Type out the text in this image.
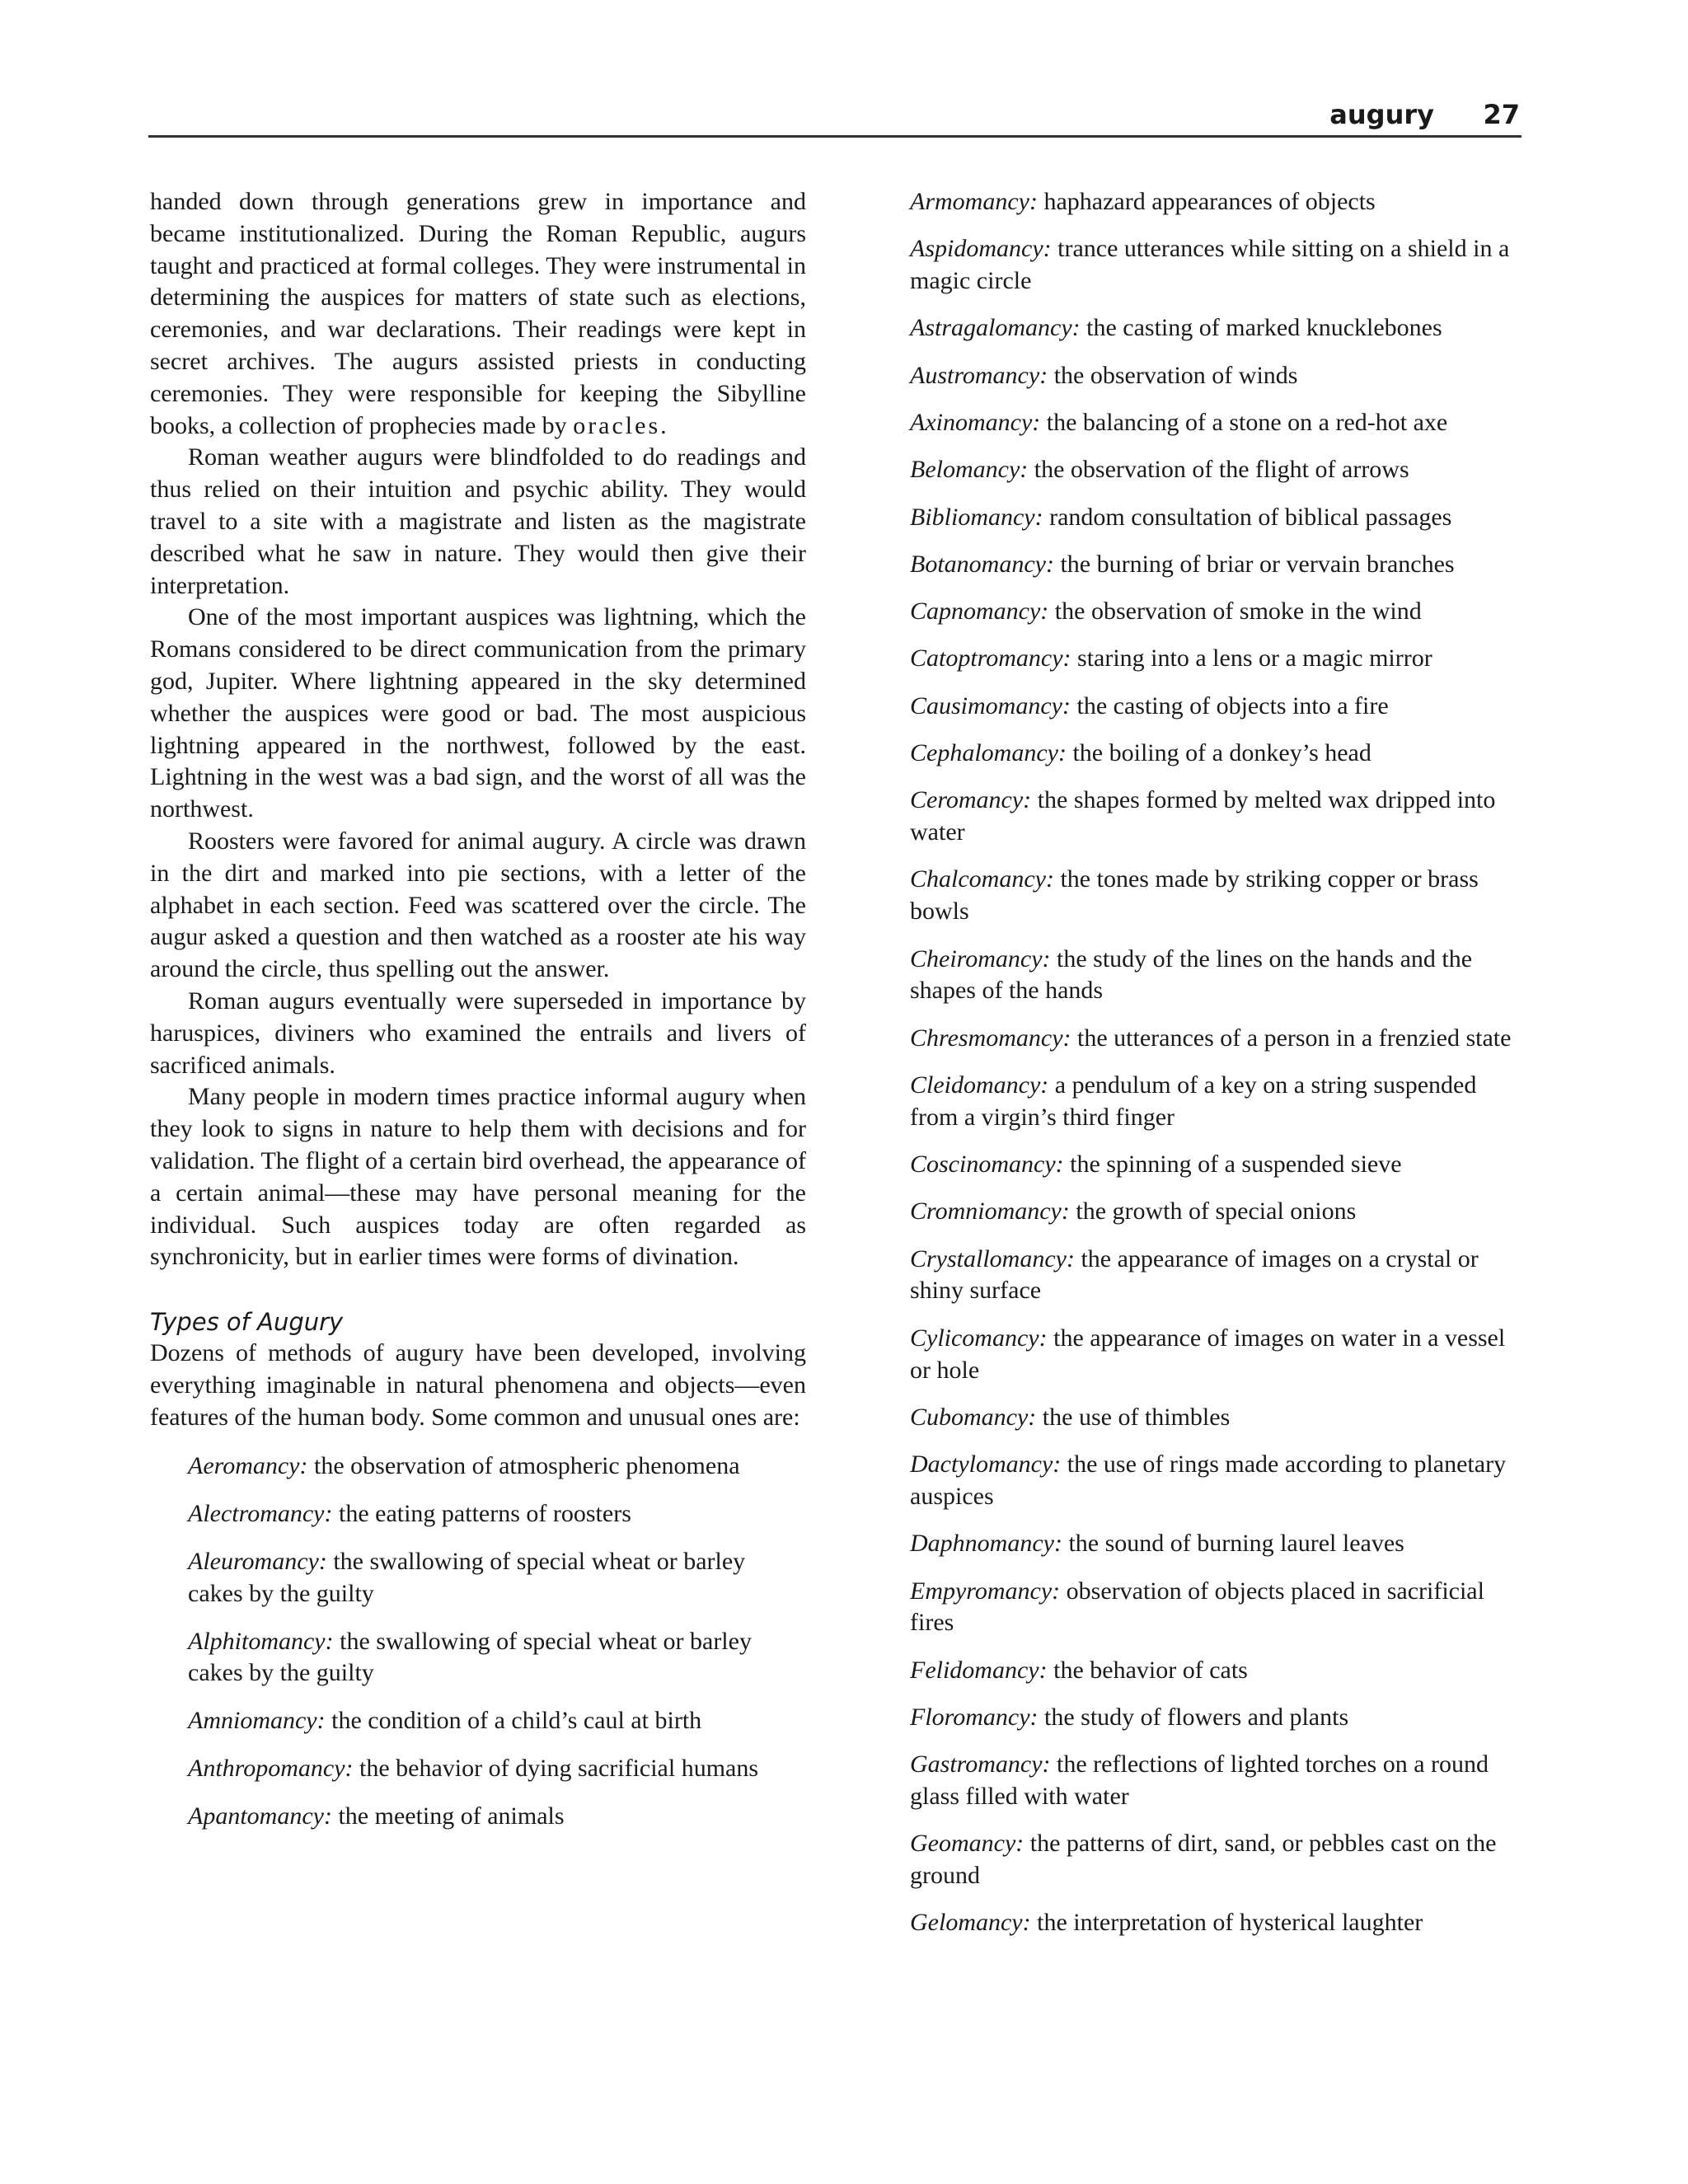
augury 27

handed down through generations grew in importance and became institutionalized. During the Roman Republic, augurs taught and practiced at formal colleges. They were instrumental in determining the auspices for matters of state such as elections, ceremonies, and war declarations. Their readings were kept in secret archives. The augurs assisted priests in conducting ceremonies. They were responsible for keeping the Sibylline books, a collection of prophecies made by oracles.

Roman weather augurs were blindfolded to do readings and thus relied on their intuition and psychic ability. They would travel to a site with a magistrate and listen as the magistrate described what he saw in nature. They would then give their interpretation.

One of the most important auspices was lightning, which the Romans considered to be direct communication from the primary god, Jupiter. Where lightning appeared in the sky determined whether the auspices were good or bad. The most auspicious lightning appeared in the northwest, followed by the east. Lightning in the west was a bad sign, and the worst of all was the northwest.

Roosters were favored for animal augury. A circle was drawn in the dirt and marked into pie sections, with a letter of the alphabet in each section. Feed was scattered over the circle. The augur asked a question and then watched as a rooster ate his way around the circle, thus spelling out the answer.

Roman augurs eventually were superseded in importance by haruspices, diviners who examined the entrails and livers of sacrificed animals.

Many people in modern times practice informal augury when they look to signs in nature to help them with decisions and for validation. The flight of a certain bird overhead, the appearance of a certain animal—these may have personal meaning for the individual. Such auspices today are often regarded as synchronicity, but in earlier times were forms of divination.

Types of Augury

Dozens of methods of augury have been developed, involving everything imaginable in natural phenomena and objects—even features of the human body. Some common and unusual ones are:

Aeromancy: the observation of atmospheric phenomena

Alectromancy: the eating patterns of roosters

Aleuromancy: the swallowing of special wheat or barley cakes by the guilty

Alphitomancy: the swallowing of special wheat or barley cakes by the guilty

Amniomancy: the condition of a child’s caul at birth

Anthropomancy: the behavior of dying sacrificial humans

Apantomancy: the meeting of animals

Armomancy: haphazard appearances of objects

Aspidomancy: trance utterances while sitting on a shield in a magic circle

Astragalomancy: the casting of marked knucklebones

Austromancy: the observation of winds

Axinomancy: the balancing of a stone on a red-hot axe

Belomancy: the observation of the flight of arrows

Bibliomancy: random consultation of biblical passages

Botanomancy: the burning of briar or vervain branches

Capnomancy: the observation of smoke in the wind

Catoptromancy: staring into a lens or a magic mirror

Causimomancy: the casting of objects into a fire

Cephalomancy: the boiling of a donkey’s head

Ceromancy: the shapes formed by melted wax dripped into water

Chalcomancy: the tones made by striking copper or brass bowls

Cheiromancy: the study of the lines on the hands and the shapes of the hands

Chresmomancy: the utterances of a person in a frenzied state

Cleidomancy: a pendulum of a key on a string suspended from a virgin’s third finger

Coscinomancy: the spinning of a suspended sieve

Cromniomancy: the growth of special onions

Crystallomancy: the appearance of images on a crystal or shiny surface

Cylicomancy: the appearance of images on water in a vessel or hole

Cubomancy: the use of thimbles

Dactylomancy: the use of rings made according to planetary auspices

Daphnomancy: the sound of burning laurel leaves

Empyromancy: observation of objects placed in sacrificial fires

Felidomancy: the behavior of cats

Floromancy: the study of flowers and plants

Gastromancy: the reflections of lighted torches on a round glass filled with water

Geomancy: the patterns of dirt, sand, or pebbles cast on the ground

Gelomancy: the interpretation of hysterical laughter
